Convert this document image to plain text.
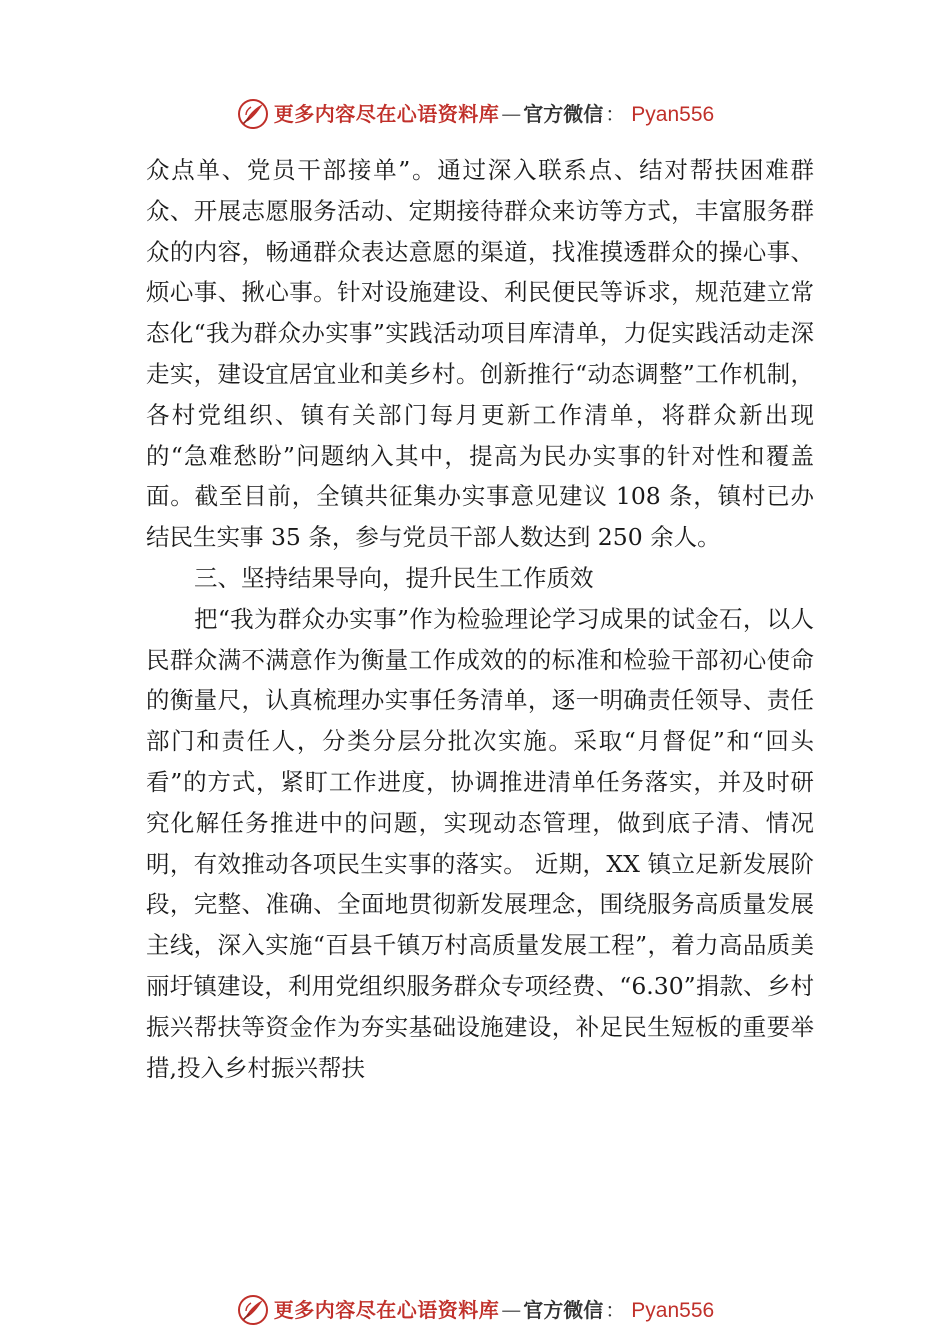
更多内容尽在心语资料库 — 官方微信 ： Pyan556

众点单、党员干部接单”。通过深入联系点、结对帮扶困难群众、开展志愿服务活动、定期接待群众来访等方式，丰富服务群众的内容，畅通群众表达意愿的渠道，找准摸透群众的操心事、烦心事、揪心事。针对设施建设、利民便民等诉求，规范建立常态化“我为群众办实事”实践活动项目库清单，力促实践活动走深走实，建设宜居宜业和美乡村。创新推行“动态调整”工作机制，各村党组织、镇有关部门每月更新工作清单，将群众新出现的“急难愁盼”问题纳入其中，提高为民办实事的针对性和覆盖面。截至目前，全镇共征集办实事意见建议 108 条，镇村已办结民生实事 35 条，参与党员干部人数达到 250 余人。

三、坚持结果导向，提升民生工作质效

把“我为群众办实事”作为检验理论学习成果的试金石，以人民群众满不满意作为衡量工作成效的的标准和检验干部初心使命的衡量尺，认真梳理办实事任务清单，逐一明确责任领导、责任部门和责任人，分类分层分批次实施。采取“月督促”和“回头看”的方式，紧盯工作进度，协调推进清单任务落实，并及时研究化解任务推进中的问题，实现动态管理，做到底子清、情况明，有效推动各项民生实事的落实。 近期，XX 镇立足新发展阶段，完整、准确、全面地贯彻新发展理念，围绕服务高质量发展主线，深入实施“百县千镇万村高质量发展工程”，着力高品质美丽圩镇建设，利用党组织服务群众专项经费、“6.30”捐款、乡村振兴帮扶等资金作为夯实基础设施建设，补足民生短板的重要举措,投入乡村振兴帮扶

更多内容尽在心语资料库 — 官方微信 ： Pyan556
